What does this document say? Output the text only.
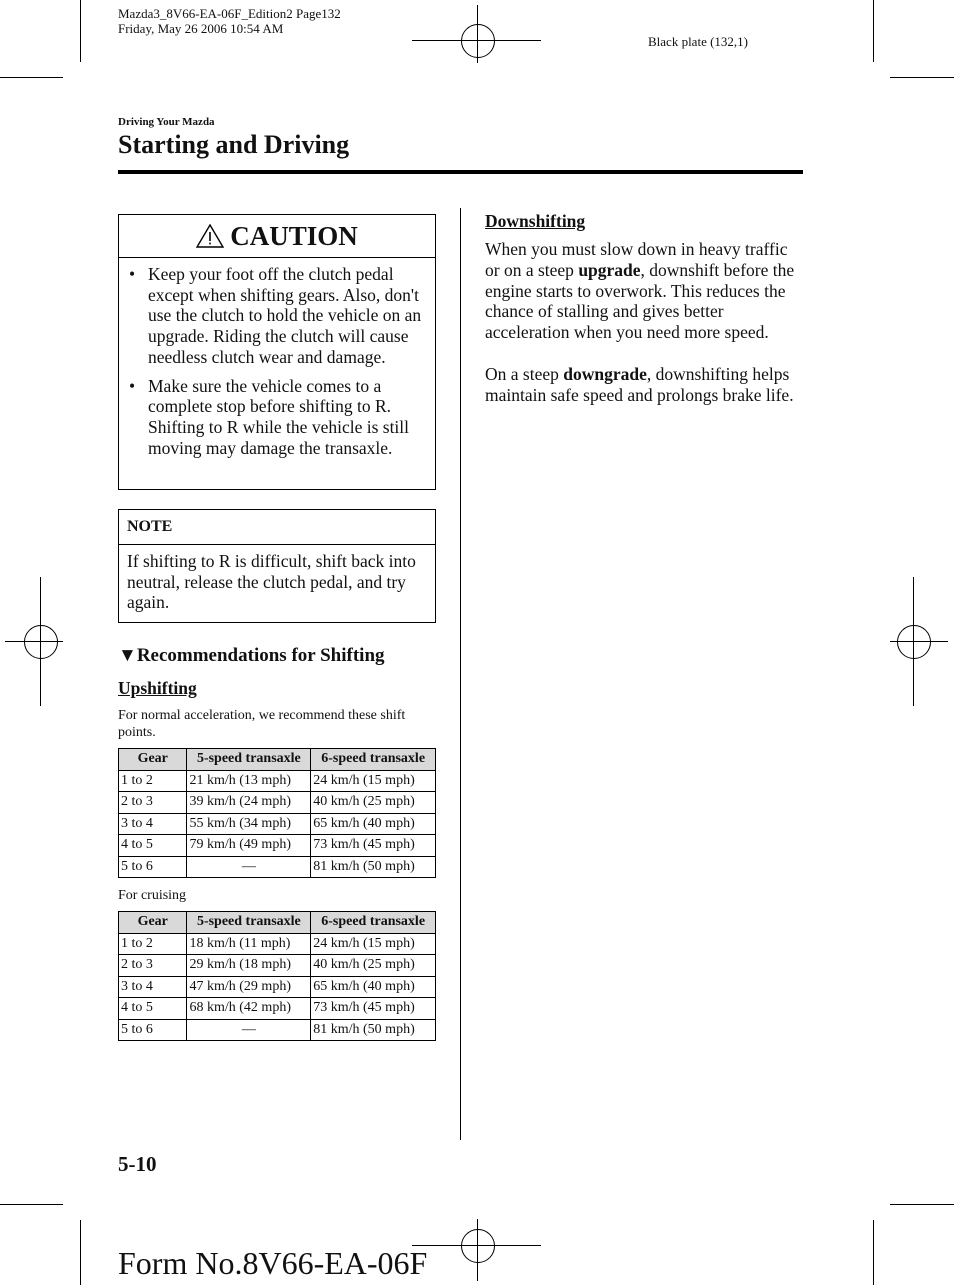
Mazda3_8V66-EA-06F_Edition2 Page132
Friday, May 26 2006 10:54 AM
Black plate (132,1)
Driving Your Mazda
Starting and Driving
CAUTION
• Keep your foot off the clutch pedal except when shifting gears. Also, don't use the clutch to hold the vehicle on an upgrade. Riding the clutch will cause needless clutch wear and damage.
• Make sure the vehicle comes to a complete stop before shifting to R. Shifting to R while the vehicle is still moving may damage the transaxle.
NOTE
If shifting to R is difficult, shift back into neutral, release the clutch pedal, and try again.
▼Recommendations for Shifting
Upshifting
For normal acceleration, we recommend these shift points.
Gear	5-speed transaxle	6-speed transaxle
1 to 2	21 km/h (13 mph)	24 km/h (15 mph)
2 to 3	39 km/h (24 mph)	40 km/h (25 mph)
3 to 4	55 km/h (34 mph)	65 km/h (40 mph)
4 to 5	79 km/h (49 mph)	73 km/h (45 mph)
5 to 6	—	81 km/h (50 mph)
For cruising
Gear	5-speed transaxle	6-speed transaxle
1 to 2	18 km/h (11 mph)	24 km/h (15 mph)
2 to 3	29 km/h (18 mph)	40 km/h (25 mph)
3 to 4	47 km/h (29 mph)	65 km/h (40 mph)
4 to 5	68 km/h (42 mph)	73 km/h (45 mph)
5 to 6	—	81 km/h (50 mph)
Downshifting
When you must slow down in heavy traffic or on a steep upgrade, downshift before the engine starts to overwork. This reduces the chance of stalling and gives better acceleration when you need more speed.
On a steep downgrade, downshifting helps maintain safe speed and prolongs brake life.
5-10
Form No.8V66-EA-06F
